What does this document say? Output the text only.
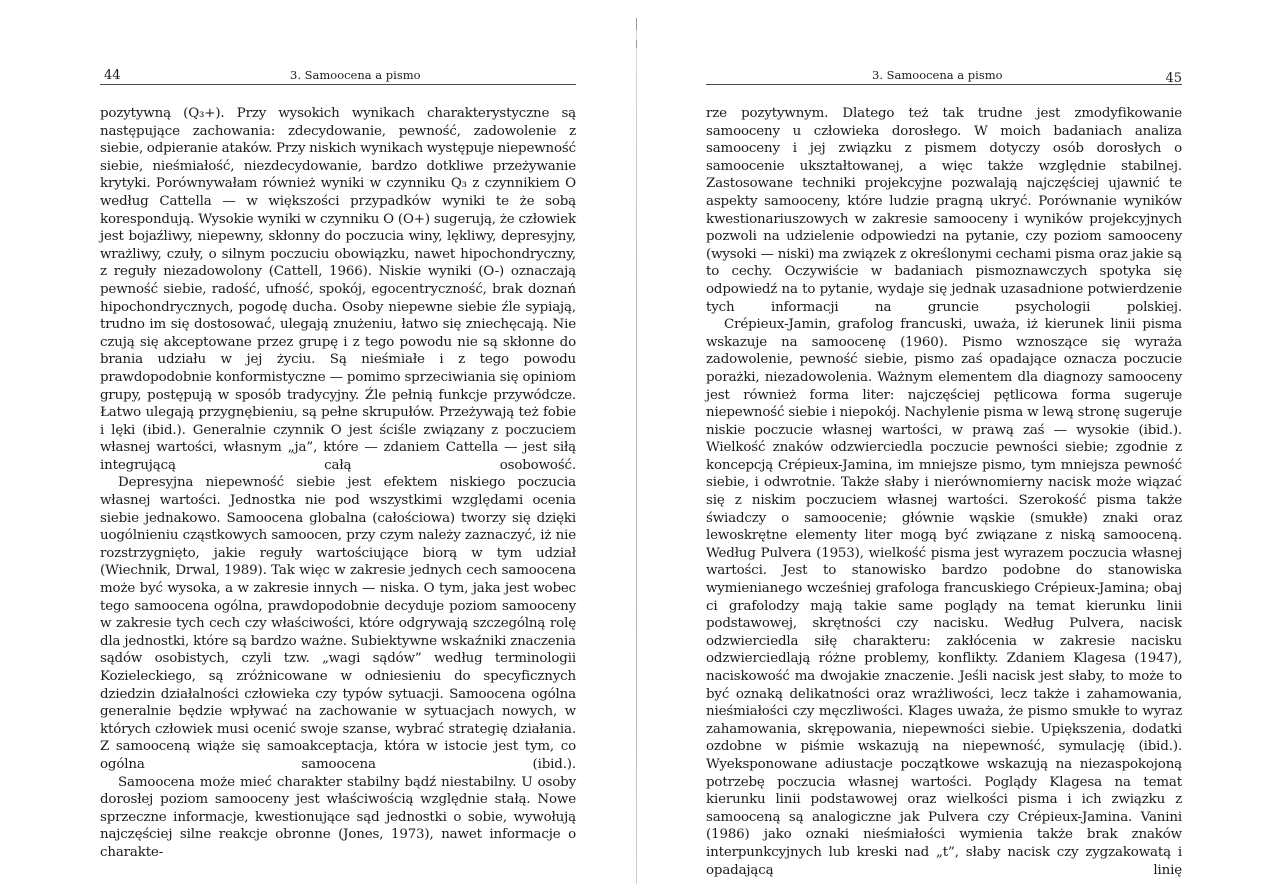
44	3. Samoocena a pismo

pozytywną (Q₃+). Przy wysokich wynikach charakterystyczne są następujące zachowania: zdecydowanie, pewność, zadowolenie z siebie, odpieranie ataków. Przy niskich wynikach występuje niepewność siebie, nieśmiałość, niezdecydowanie, bardzo dotkliwe przeżywanie krytyki. Porównywałam również wyniki w czynniku Q₃ z czynnikiem O według Cattella — w większości przypadków wyniki te że sobą korespondują. Wysokie wyniki w czynniku O (O+) sugerują, że człowiek jest bojaźliwy, niepewny, skłonny do poczucia winy, lękliwy, depresyjny, wrażliwy, czuły, o silnym poczuciu obowiązku, nawet hipochondryczny, z reguły niezadowolony (Cattell, 1966). Niskie wyniki (O-) oznaczają pewność siebie, radość, ufność, spokój, egocentryczność, brak doznań hipochondrycznych, pogodę ducha. Osoby niepewne siebie źle sypiają, trudno im się dostosować, ulegają znużeniu, łatwo się zniechęcają. Nie czują się akceptowane przez grupę i z tego powodu nie są skłonne do brania udziału w jej życiu. Są nieśmiałe i z tego powodu prawdopodobnie konformistyczne — pomimo sprzeciwiania się opiniom grupy, postępują w sposób tradycyjny. Źle pełnią funkcje przywódcze. Łatwo ulegają przygnębieniu, są pełne skrupułów. Przeżywają też fobie i lęki (ibid.). Generalnie czynnik O jest ściśle związany z poczuciem własnej wartości, własnym „ja”, które — zdaniem Cattella — jest siłą integrującą całą osobowość.

Depresyjna niepewność siebie jest efektem niskiego poczucia własnej wartości. Jednostka nie pod wszystkimi względami ocenia siebie jednakowo. Samoocena globalna (całościowa) tworzy się dzięki uogólnieniu cząstkowych samoocen, przy czym należy zaznaczyć, iż nie rozstrzygnięto, jakie reguły wartościujące biorą w tym udział (Wiechnik, Drwal, 1989). Tak więc w zakresie jednych cech samoocena może być wysoka, a w zakresie innych — niska. O tym, jaka jest wobec tego samoocena ogólna, prawdopodobnie decyduje poziom samooceny w zakresie tych cech czy właściwości, które odgrywają szczególną rolę dla jednostki, które są bardzo ważne. Subiektywne wskaźniki znaczenia sądów osobistych, czyli tzw. „wagi sądów” według terminologii Kozieleckiego, są zróżnicowane w odniesieniu do specyficznych dziedzin działalności człowieka czy typów sytuacji. Samoocena ogólna generalnie będzie wpływać na zachowanie w sytuacjach nowych, w których człowiek musi ocenić swoje szanse, wybrać strategię działania. Z samooceną wiąże się samoakceptacja, która w istocie jest tym, co ogólna samoocena (ibid.).

Samoocena może mieć charakter stabilny bądź niestabilny. U osoby dorosłej poziom samooceny jest właściwością względnie stałą. Nowe sprzeczne informacje, kwestionujące sąd jednostki o sobie, wywołują najczęściej silne reakcje obronne (Jones, 1973), nawet informacje o charakte-

3. Samoocena a pismo	45

rze pozytywnym. Dlatego też tak trudne jest zmodyfikowanie samooceny u człowieka dorosłego. W moich badaniach analiza samooceny i jej związku z pismem dotyczy osób dorosłych o samoocenie ukształtowanej, a więc także względnie stabilnej. Zastosowane techniki projekcyjne pozwalają najczęściej ujawnić te aspekty samooceny, które ludzie pragną ukryć. Porównanie wyników kwestionariuszowych w zakresie samooceny i wyników projekcyjnych pozwoli na udzielenie odpowiedzi na pytanie, czy poziom samooceny (wysoki — niski) ma związek z określonymi cechami pisma oraz jakie są to cechy. Oczywiście w badaniach pismoznawczych spotyka się odpowiedź na to pytanie, wydaje się jednak uzasadnione potwierdzenie tych informacji na gruncie psychologii polskiej.

Crépieux-Jamin, grafolog francuski, uważa, iż kierunek linii pisma wskazuje na samoocenę (1960). Pismo wznoszące się wyraża zadowolenie, pewność siebie, pismo zaś opadające oznacza poczucie porażki, niezadowolenia. Ważnym elementem dla diagnozy samooceny jest również forma liter: najczęściej pętlicowa forma sugeruje niepewność siebie i niepokój. Nachylenie pisma w lewą stronę sugeruje niskie poczucie własnej wartości, w prawą zaś — wysokie (ibid.). Wielkość znaków odzwierciedla poczucie pewności siebie; zgodnie z koncepcją Crépieux-Jamina, im mniejsze pismo, tym mniejsza pewność siebie, i odwrotnie. Także słaby i nierównomierny nacisk może wiązać się z niskim poczuciem własnej wartości. Szerokość pisma także świadczy o samoocenie; głównie wąskie (smukłe) znaki oraz lewoskrętne elementy liter mogą być związane z niską samooceną. Według Pulvera (1953), wielkość pisma jest wyrazem poczucia własnej wartości. Jest to stanowisko bardzo podobne do stanowiska wymienianego wcześniej grafologa francuskiego Crépieux-Jamina; obaj ci grafolodzy mają takie same poglądy na temat kierunku linii podstawowej, skrętności czy nacisku. Według Pulvera, nacisk odzwierciedla siłę charakteru: zakłócenia w zakresie nacisku odzwierciedlają różne problemy, konflikty. Zdaniem Klagesa (1947), naciskowość ma dwojakie znaczenie. Jeśli nacisk jest słaby, to może to być oznaką delikatności oraz wrażliwości, lecz także i zahamowania, nieśmiałości czy męczliwości. Klages uważa, że pismo smukłe to wyraz zahamowania, skrępowania, niepewności siebie. Upiększenia, dodatki ozdobne w piśmie wskazują na niepewność, symulację (ibid.). Wyeksponowane adiustacje początkowe wskazują na niezaspokojoną potrzebę poczucia własnej wartości. Poglądy Klagesa na temat kierunku linii podstawowej oraz wielkości pisma i ich związku z samooceną są analogiczne jak Pulvera czy Crépieux-Jamina. Vanini (1986) jako oznaki nieśmiałości wymienia także brak znaków interpunkcyjnych lub kreski nad „t”, słaby nacisk czy zygzakowatą i opadającą linię
